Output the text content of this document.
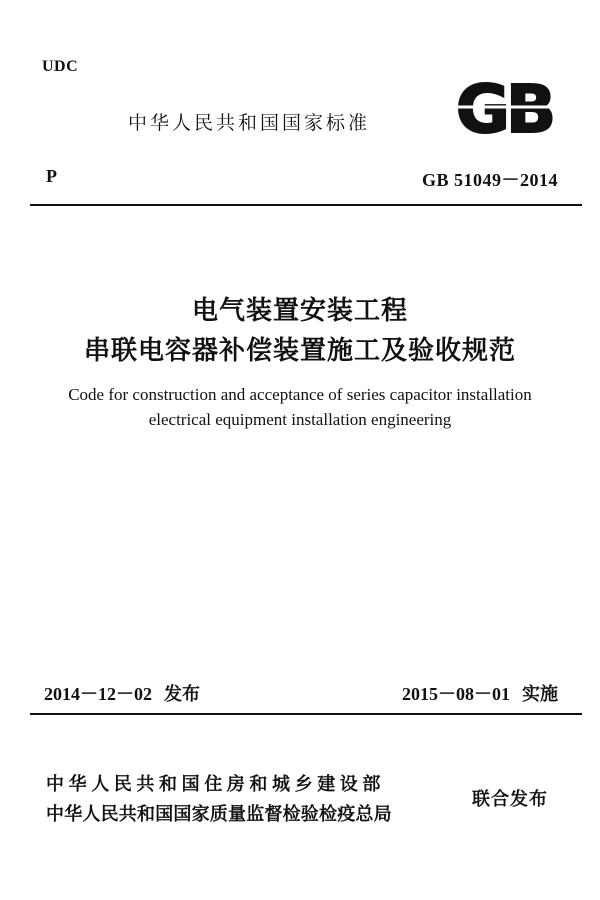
UDC
中华人民共和国国家标准 GB
P	GB 51049－2014
电气装置安装工程
串联电容器补偿装置施工及验收规范
Code for construction and acceptance of series capacitor installation
electrical equipment installation engineering
2014－12－02 发布	2015－08－01 实施
中华人民共和国住房和城乡建设部
中华人民共和国国家质量监督检验检疫总局
联合发布
